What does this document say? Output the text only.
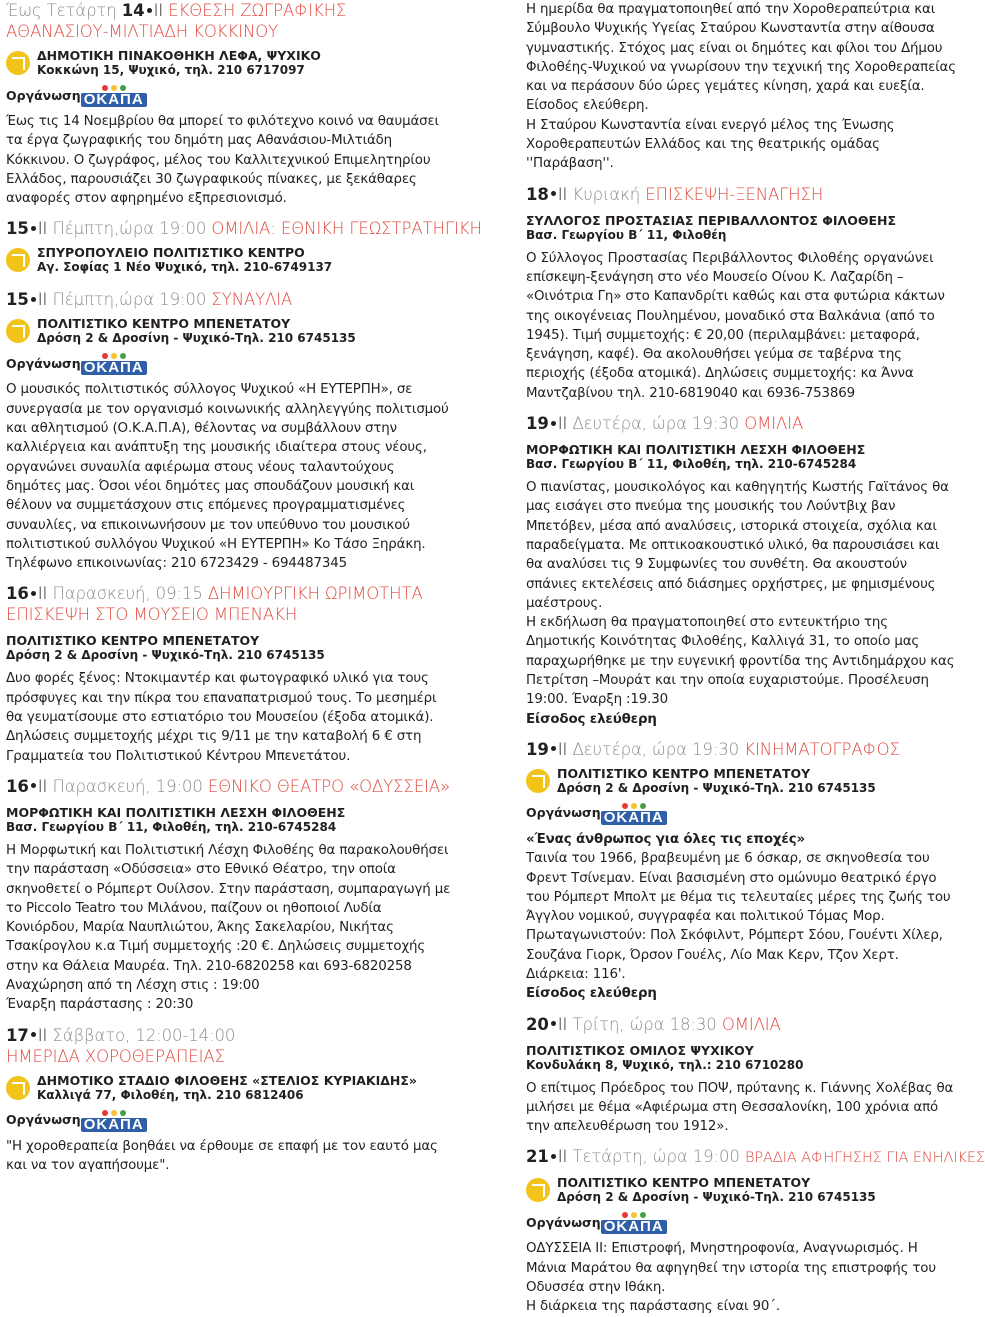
Έως Τετάρτη 14 ΙΙ ΕΚΘΕΣΗ ΖΩΓΡΑΦΙΚΗΣ
ΑΘΑΝΑΣΙΟΥ-ΜΙΛΤΙΑΔΗ ΚΟΚΚΙΝΟΥ
ΔΗΜΟΤΙΚΗ ΠΙΝΑΚΟΘΗΚΗ ΛΕΦΑ, ΨΥΧΙΚΟ
Κοκκώνη 15, Ψυχικό, τηλ. 210 6717097
Οργάνωση ΟΚΑΠΑ

Έως τις 14 Νοεμβρίου θα μπορεί το φιλότεχνο κοινό να θαυμάσει τα έργα ζωγραφικής του δημότη μας Αθανάσιου-Μιλτιάδη Κόκκινου. Ο ζωγράφος, μέλος του Καλλιτεχνικού Επιμελητηρίου Ελλάδος, παρουσιάζει 30 ζωγραφικούς πίνακες, με ξεκάθαρες αναφορές στον αφηρημένο εξπρεσιονισμό.

15 ΙΙ Πέμπτη,ώρα 19:00 ΟΜΙΛΙΑ: ΕΘΝΙΚΗ ΓΕΩΣΤΡΑΤΗΓΙΚΗ
ΣΠΥΡΟΠΟΥΛΕΙΟ ΠΟΛΙΤΙΣΤΙΚΟ ΚΕΝΤΡΟ
Αγ. Σοφίας 1 Νέο Ψυχικό, τηλ. 210-6749137
15 ΙΙ Πέμπτη,ώρα 19:00 ΣΥΝΑΥΛΙΑ
ΠΟΛΙΤΙΣΤΙΚΟ ΚΕΝΤΡΟ ΜΠΕΝΕΤΑΤΟΥ
Δρόση 2 & Δροσίνη - Ψυχικό-Τηλ. 210 6745135
Οργάνωση ΟΚΑΠΑ

Ο μουσικός πολιτιστικός σύλλογος Ψυχικού «Η ΕΥΤΕΡΠΗ», σε συνεργασία με τον οργανισμό κοινωνικής αλληλεγγύης πολιτισμού και αθλητισμού (Ο.Κ.Α.Π.Α), θέλοντας να συμβάλλουν στην καλλιέργεια και ανάπτυξη της μουσικής ιδιαίτερα στους νέους, οργανώνει συναυλία αφιέρωμα στους νέους ταλαντούχους δημότες μας. Όσοι νέοι δημότες μας σπουδάζουν μουσική και θέλουν να συμμετάσχουν στις επόμενες προγραμματισμένες συναυλίες, να επικοινωνήσουν με τον υπεύθυνο του μουσικού πολιτιστικού συλλόγου Ψυχικού «Η ΕΥΤΕΡΠΗ» Κο Τάσο Ξηράκη.

Τηλέφωνο επικοινωνίας: 210 6723429 - 694487345

16 ΙΙ Παρασκευή, 09:15 ΔΗΜΙΟΥΡΓΙΚΗ ΩΡΙΜΟΤΗΤΑ
ΕΠΙΣΚΕΨΗ ΣΤΟ ΜΟΥΣΕΙΟ ΜΠΕΝΑΚΗ
ΠΟΛΙΤΙΣΤΙΚΟ ΚΕΝΤΡΟ ΜΠΕΝΕΤΑΤΟΥ
Δρόση 2 & Δροσίνη - Ψυχικό-Τηλ. 210 6745135

Δυο φορές ξένος: Ντοκιμαντέρ και φωτογραφικό υλικό για τους πρόσφυγες και την πίκρα του επαναπατρισμού τους. Το μεσημέρι θα γευματίσουμε στο εστιατόριο του Μουσείου (έξοδα ατομικά). Δηλώσεις συμμετοχής μέχρι τις 9/11 με την καταβολή 6 € στη Γραμματεία του Πολιτιστικού Κέντρου Μπενετάτου.

16 ΙΙ Παρασκευή, 19:00 ΕΘΝΙΚΟ ΘΕΑΤΡΟ «ΟΔΥΣΣΕΙΑ»
ΜΟΡΦΩΤΙΚΗ ΚΑΙ ΠΟΛΙΤΙΣΤΙΚΗ ΛΕΣΧΗ ΦΙΛΟΘΕΗΣ
Βασ. Γεωργίου Β΄ 11, Φιλοθέη, τηλ. 210-6745284

Η Μορφωτική και Πολιτιστική Λέσχη Φιλοθέης θα παρακολουθήσει την παράσταση «Οδύσσεια» στο Εθνικό Θέατρο, την οποία σκηνοθετεί ο Ρόμπερτ Ουίλσον. Στην παράσταση, συμπαραγωγή με το Piccolo Teatro του Μιλάνου, παίζουν οι ηθοποιοί Λυδία Κονιόρδου, Μαρία Ναυπλιώτου, Άκης Σακελαρίου, Νικήτας Τσακίρογλου κ.α Τιμή συμμετοχής :20 €. Δηλώσεις συμμετοχής στην κα Θάλεια Μαυρέα. Τηλ. 210-6820258 και 693-6820258

Αναχώρηση από τη Λέσχη στις : 19:00

Έναρξη παράστασης : 20:30

17 ΙΙ Σάββατο, 12:00-14:00
ΗΜΕΡΙΔΑ ΧΟΡΟΘΕΡΑΠΕΙΑΣ
ΔΗΜΟΤΙΚΟ ΣΤΑΔΙΟ ΦΙΛΟΘΕΗΣ «ΣΤΕΛΙΟΣ ΚΥΡΙΑΚΙΔΗΣ»
Καλλιγά 77, Φιλοθέη, τηλ. 210 6812406
Οργάνωση ΟΚΑΠΑ

"Η χοροθεραπεία βοηθάει να έρθουμε σε επαφή με τον εαυτό μας και να τον αγαπήσουμε".

Η ημερίδα θα πραγματοποιηθεί από την Χοροθεραπεύτρια και Σύμβουλο Ψυχικής Υγείας Σταύρου Κωνσταντία στην αίθουσα γυμναστικής. Στόχος μας είναι οι δημότες και φίλοι του Δήμου Φιλοθέης-Ψυχικού να γνωρίσουν την τεχνική της Χοροθεραπείας και να περάσουν δύο ώρες γεμάτες κίνηση, χαρά και ευεξία.

Είσοδος ελεύθερη.

Η Σταύρου Κωνσταντία είναι ενεργό μέλος της Ένωσης Χοροθεραπευτών Ελλάδος και της θεατρικής ομάδας ''Παράβαση''.

18 ΙΙ Κυριακή ΕΠΙΣΚΕΨΗ-ΞΕΝΑΓΗΣΗ
ΣΥΛΛΟΓΟΣ ΠΡΟΣΤΑΣΙΑΣ ΠΕΡΙΒΑΛΛΟΝΤΟΣ ΦΙΛΟΘΕΗΣ
Βασ. Γεωργίου Β΄ 11, Φιλοθέη

Ο Σύλλογος Προστασίας Περιβάλλοντος Φιλοθέης οργανώνει επίσκεψη-ξενάγηση στο νέο Μουσείο Οίνου Κ. Λαζαρίδη – «Οινότρια Γη» στο Καπανδρίτι καθώς και στα φυτώρια κάκτων της οικογένειας Πουλημένου, μοναδικό στα Βαλκάνια (από το 1945). Τιμή συμμετοχής: € 20,00 (περιλαμβάνει: μεταφορά, ξενάγηση, καφέ). Θα ακολουθήσει γεύμα σε ταβέρνα της περιοχής (έξοδα ατομικά). Δηλώσεις συμμετοχής: κα Άννα Μαντζαβίνου τηλ. 210-6819040 και 6936-753869

19 ΙΙ Δευτέρα, ώρα 19:30 ΟΜΙΛΙΑ
ΜΟΡΦΩΤΙΚΗ ΚΑΙ ΠΟΛΙΤΙΣΤΙΚΗ ΛΕΣΧΗ ΦΙΛΟΘΕΗΣ
Βασ. Γεωργίου Β΄ 11, Φιλοθέη, τηλ. 210-6745284

Ο πιανίστας, μουσικολόγος και καθηγητής Κωστής Γαϊτάνος θα μας εισάγει στο πνεύμα της μουσικής του Λούντβιχ βαν Μπετόβεν, μέσα από αναλύσεις, ιστορικά στοιχεία, σχόλια και παραδείγματα. Με οπτικοακουστικό υλικό, θα παρουσιάσει και θα αναλύσει τις 9 Συμφωνίες του συνθέτη. Θα ακουστούν σπάνιες εκτελέσεις από διάσημες ορχήστρες, με φημισμένους μαέστρους.

Η εκδήλωση θα πραγματοποιηθεί στο εντευκτήριο της Δημοτικής Κοινότητας Φιλοθέης, Καλλιγά 31, το οποίο μας παραχωρήθηκε με την ευγενική φροντίδα της Αντιδημάρχου κας Πετρίτση –Μουράτ και την οποία ευχαριστούμε. Προσέλευση 19:00. Έναρξη :19.30

Είσοδος ελεύθερη

19 ΙΙ Δευτέρα, ώρα 19:30 ΚΙΝΗΜΑΤΟΓΡΑΦΟΣ
ΠΟΛΙΤΙΣΤΙΚΟ ΚΕΝΤΡΟ ΜΠΕΝΕΤΑΤΟΥ
Δρόση 2 & Δροσίνη - Ψυχικό-Τηλ. 210 6745135
Οργάνωση ΟΚΑΠΑ

«Ένας άνθρωπος για όλες τις εποχές»

Ταινία του 1966, βραβευμένη με 6 όσκαρ, σε σκηνοθεσία του Φρεντ Τσίνεμαν. Είναι βασισμένη στο ομώνυμο θεατρικό έργο του Ρόμπερτ Μπολτ με θέμα τις τελευταίες μέρες της ζωής του Άγγλου νομικού, συγγραφέα και πολιτικού Τόμας Μορ. Πρωταγωνιστούν: Πολ Σκόφιλντ, Ρόμπερτ Σόου, Γουέντι Χίλερ, Σουζάνα Γιορκ, Όρσον Γουέλς, Λίο Μακ Κερν, Τζον Χερτ. Διάρκεια: 116'.

Είσοδος ελεύθερη

20 ΙΙ Τρίτη, ώρα 18:30 ΟΜΙΛΙΑ
ΠΟΛΙΤΙΣΤΙΚΟΣ ΟΜΙΛΟΣ ΨΥΧΙΚΟΥ
Κονδυλάκη 8, Ψυχικό, τηλ.: 210 6710280

Ο επίτιμος Πρόεδρος του ΠΟΨ, πρύτανης κ. Γιάννης Χολέβας θα μιλήσει με θέμα «Αφιέρωμα στη Θεσσαλονίκη, 100 χρόνια από την απελευθέρωση του 1912».

21 ΙΙ Τετάρτη, ώρα 19:00 ΒΡΑΔΙΑ ΑΦΗΓΗΣΗΣ ΓΙΑ ΕΝΗΛΙΚΕΣ
ΠΟΛΙΤΙΣΤΙΚΟ ΚΕΝΤΡΟ ΜΠΕΝΕΤΑΤΟΥ
Δρόση 2 & Δροσίνη - Ψυχικό-Τηλ. 210 6745135
Οργάνωση ΟΚΑΠΑ

ΟΔΥΣΣΕΙΑ ΙΙ: Επιστροφή, Μνηστηροφονία, Αναγνωρισμός. Η Μάνια Μαράτου θα αφηγηθεί την ιστορία της επιστροφής του Οδυσσέα στην Ιθάκη.

Η διάρκεια της παράστασης είναι 90΄.
